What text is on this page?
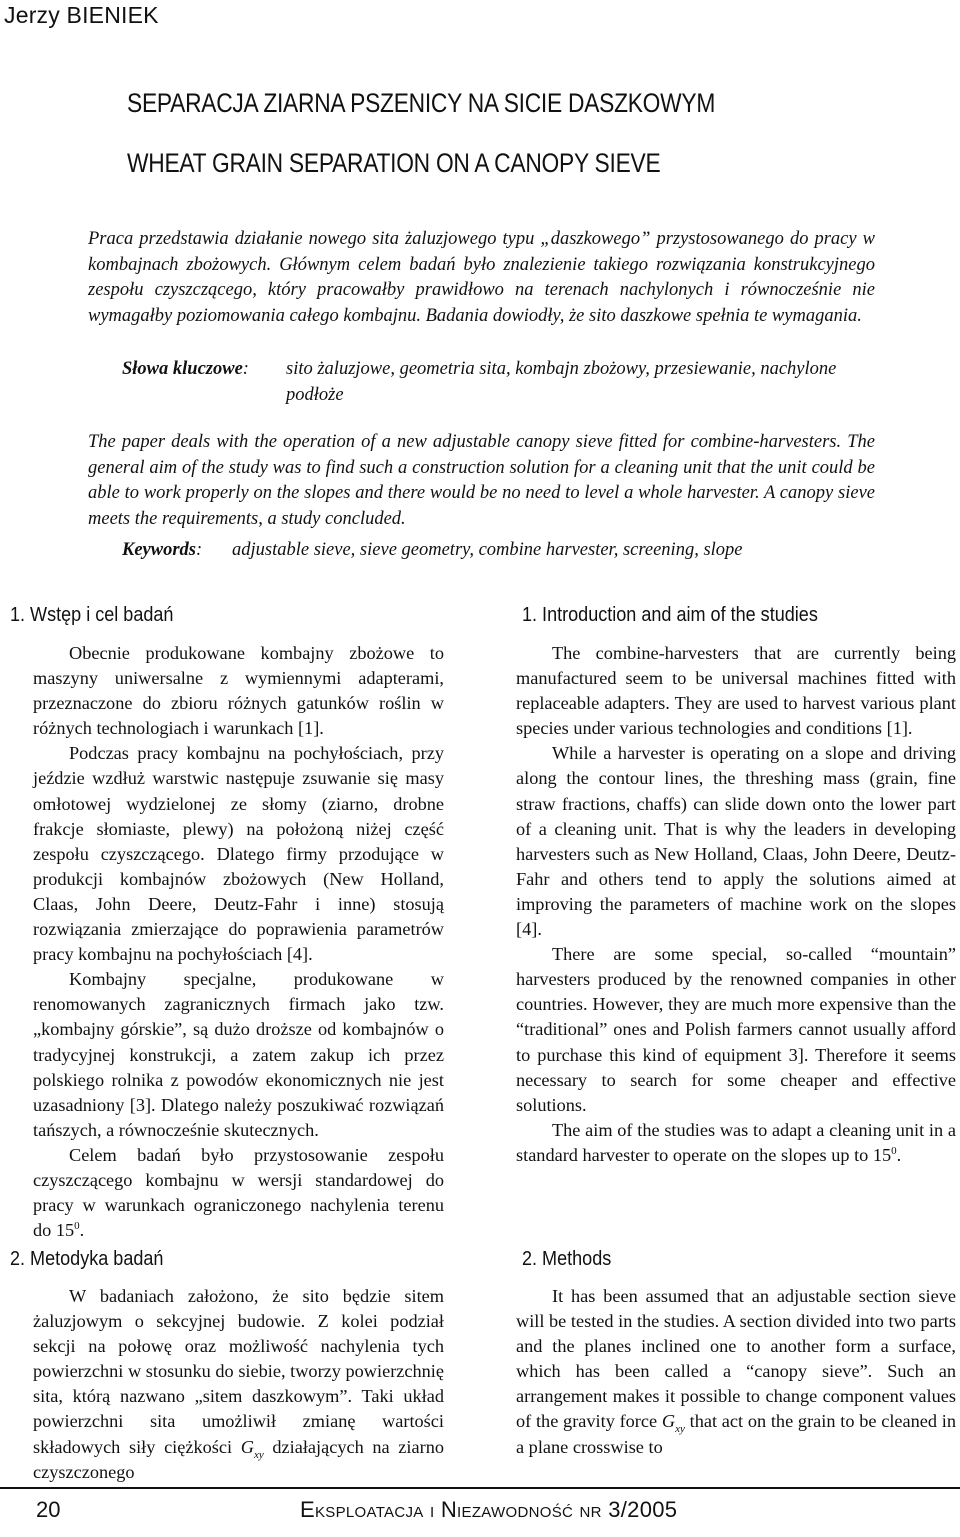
Jerzy BIENIEK
SEPARACJA ZIARNA PSZENICY NA SICIE DASZKOWYM
WHEAT GRAIN SEPARATION ON A CANOPY SIEVE

Praca przedstawia działanie nowego sita żaluzjowego typu „daszkowego” przystosowanego do pracy w kombajnach zbożowych. Głównym celem badań było znalezienie takiego rozwiązania konstrukcyjnego zespołu czyszczącego, który pracowałby prawidłowo na terenach nachylonych i równocześnie nie wymagałby poziomowania całego kombajnu. Badania dowiodły, że sito daszkowe spełnia te wymagania.

Słowa kluczowe: sito żaluzjowe, geometria sita, kombajn zbożowy, przesiewanie, nachylone podłoże

The paper deals with the operation of a new adjustable canopy sieve fitted for combine-harvesters. The general aim of the study was to find such a construction solution for a cleaning unit that the unit could be able to work properly on the slopes and there would be no need to level a whole harvester. A canopy sieve meets the requirements, a study concluded.

Keywords: adjustable sieve, sieve geometry, combine harvester, screening, slope
1. Wstęp i cel badań

Obecnie produkowane kombajny zbożowe to maszyny uniwersalne z wymiennymi adapterami, przeznaczone do zbioru różnych gatunków roślin w różnych technologiach i warunkach [1].

Podczas pracy kombajnu na pochyłościach, przy jeździe wzdłuż warstwic następuje zsuwanie się masy omłotowej wydzielonej ze słomy (ziarno, drobne frakcje słomiaste, plewy) na położoną niżej część zespołu czyszczącego. Dlatego firmy przodujące w produkcji kombajnów zbożowych (New Holland, Claas, John Deere, Deutz-Fahr i inne) stosują rozwiązania zmierzające do poprawienia parametrów pracy kombajnu na pochyłościach [4].

Kombajny specjalne, produkowane w renomowanych zagranicznych firmach jako tzw. „kombajny górskie”, są dużo droższe od kombajnów o tradycyjnej konstrukcji, a zatem zakup ich przez polskiego rolnika z powodów ekonomicznych nie jest uzasadniony [3]. Dlatego należy poszukiwać rozwiązań tańszych, a równocześnie skutecznych.

Celem badań było przystosowanie zespołu czyszczącego kombajnu w wersji standardowej do pracy w warunkach ograniczonego nachylenia terenu do $15^0$.

2. Metodyka badań

W badaniach założono, że sito będzie sitem żaluzjowym o sekcyjnej budowie. Z kolei podział sekcji na połowę oraz możliwość nachylenia tych powierzchni w stosunku do siebie, tworzy powierzchnię sita, którą nazwano „sitem daszkowym”. Taki układ powierzchni sita umożliwił zmianę wartości składowych siły ciężkości $G_{xy}$ działających na ziarno czyszczonego

1. Introduction and aim of the studies

The combine-harvesters that are currently being manufactured seem to be universal machines fitted with replaceable adapters. They are used to harvest various plant species under various technologies and conditions [1].

While a harvester is operating on a slope and driving along the contour lines, the threshing mass (grain, fine straw fractions, chaffs) can slide down onto the lower part of a cleaning unit. That is why the leaders in developing harvesters such as New Holland, Claas, John Deere, Deutz-Fahr and others tend to apply the solutions aimed at improving the parameters of machine work on the slopes [4].

There are some special, so-called “mountain” harvesters produced by the renowned companies in other countries. However, they are much more expensive than the “traditional” ones and Polish farmers cannot usually afford to purchase this kind of equipment 3]. Therefore it seems necessary to search for some cheaper and effective solutions.

The aim of the studies was to adapt a cleaning unit in a standard harvester to operate on the slopes up to $15^0$.

2. Methods

It has been assumed that an adjustable section sieve will be tested in the studies. A section divided into two parts and the planes inclined one to another form a surface, which has been called a “canopy sieve”. Such an arrangement makes it possible to change component values of the gravity force $G_{xy}$ that act on the grain to be cleaned in a plane crosswise to

20	Eksploatacja i Niezawodność nr 3/2005
